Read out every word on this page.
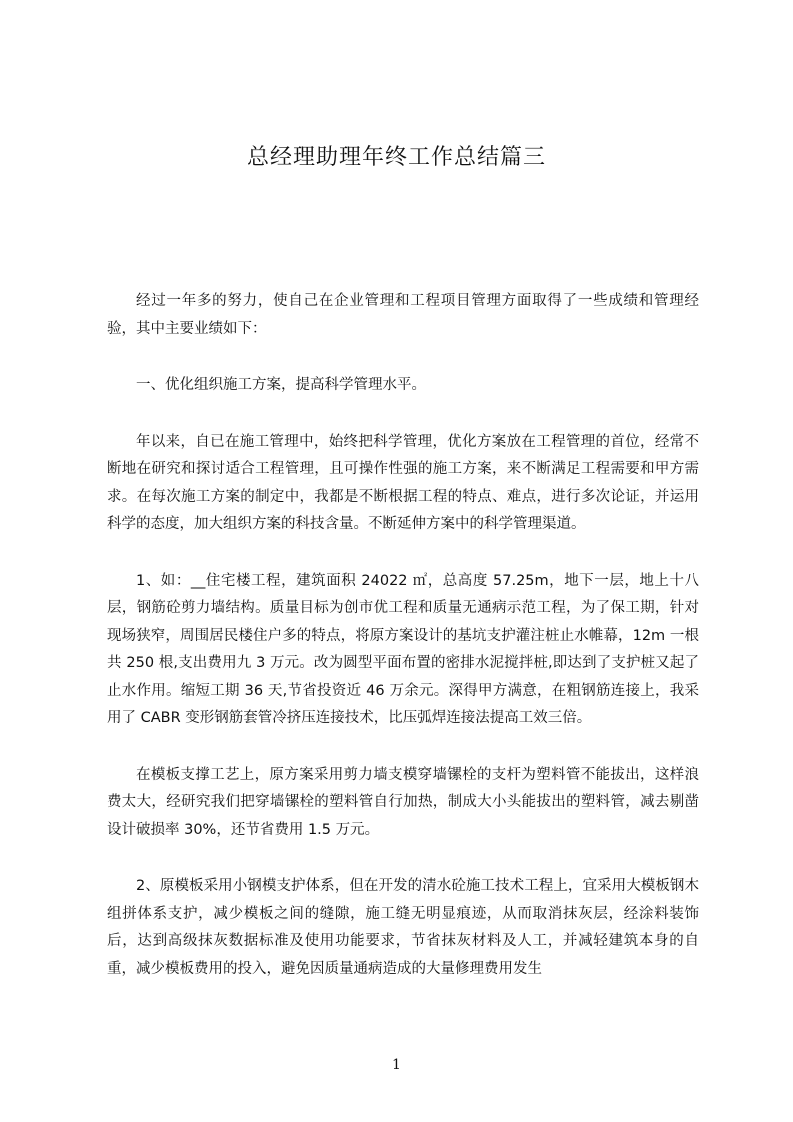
总经理助理年终工作总结篇三

经过一年多的努力，使自己在企业管理和工程项目管理方面取得了一些成绩和管理经验，其中主要业绩如下：

一、优化组织施工方案，提高科学管理水平。

年以来，自已在施工管理中，始终把科学管理，优化方案放在工程管理的首位，经常不断地在研究和探讨适合工程管理，且可操作性强的施工方案，来不断满足工程需要和甲方需求。在每次施工方案的制定中，我都是不断根据工程的特点、难点，进行多次论证，并运用科学的态度，加大组织方案的科技含量。不断延伸方案中的科学管理渠道。

1、如：__住宅楼工程，建筑面积 24022 ㎡，总高度 57.25m，地下一层，地上十八层，钢筋砼剪力墙结构。质量目标为创市优工程和质量无通病示范工程，为了保工期，针对现场狭窄，周围居民楼住户多的特点，将原方案设计的基坑支护灌注桩止水帷幕，12m 一根共 250 根,支出费用九 3 万元。改为圆型平面布置的密排水泥搅拌桩,即达到了支护桩又起了止水作用。缩短工期 36 天,节省投资近 46 万余元。深得甲方满意，在粗钢筋连接上，我采用了 CABR 变形钢筋套管冷挤压连接技术，比压弧焊连接法提高工效三倍。

在模板支撑工艺上，原方案采用剪力墙支模穿墙镙栓的支杆为塑料管不能拔出，这样浪费太大，经研究我们把穿墙镙栓的塑料管自行加热，制成大小头能拔出的塑料管，减去剔凿设计破损率 30%，还节省费用 1.5 万元。

2、原模板采用小钢模支护体系，但在开发的清水砼施工技术工程上，宜采用大模板钢木组拼体系支护，减少模板之间的缝隙，施工缝无明显痕迹，从而取消抹灰层，经涂料装饰后，达到高级抹灰数据标准及使用功能要求，节省抹灰材料及人工，并减轻建筑本身的自重，减少模板费用的投入，避免因质量通病造成的大量修理费用发生

1
